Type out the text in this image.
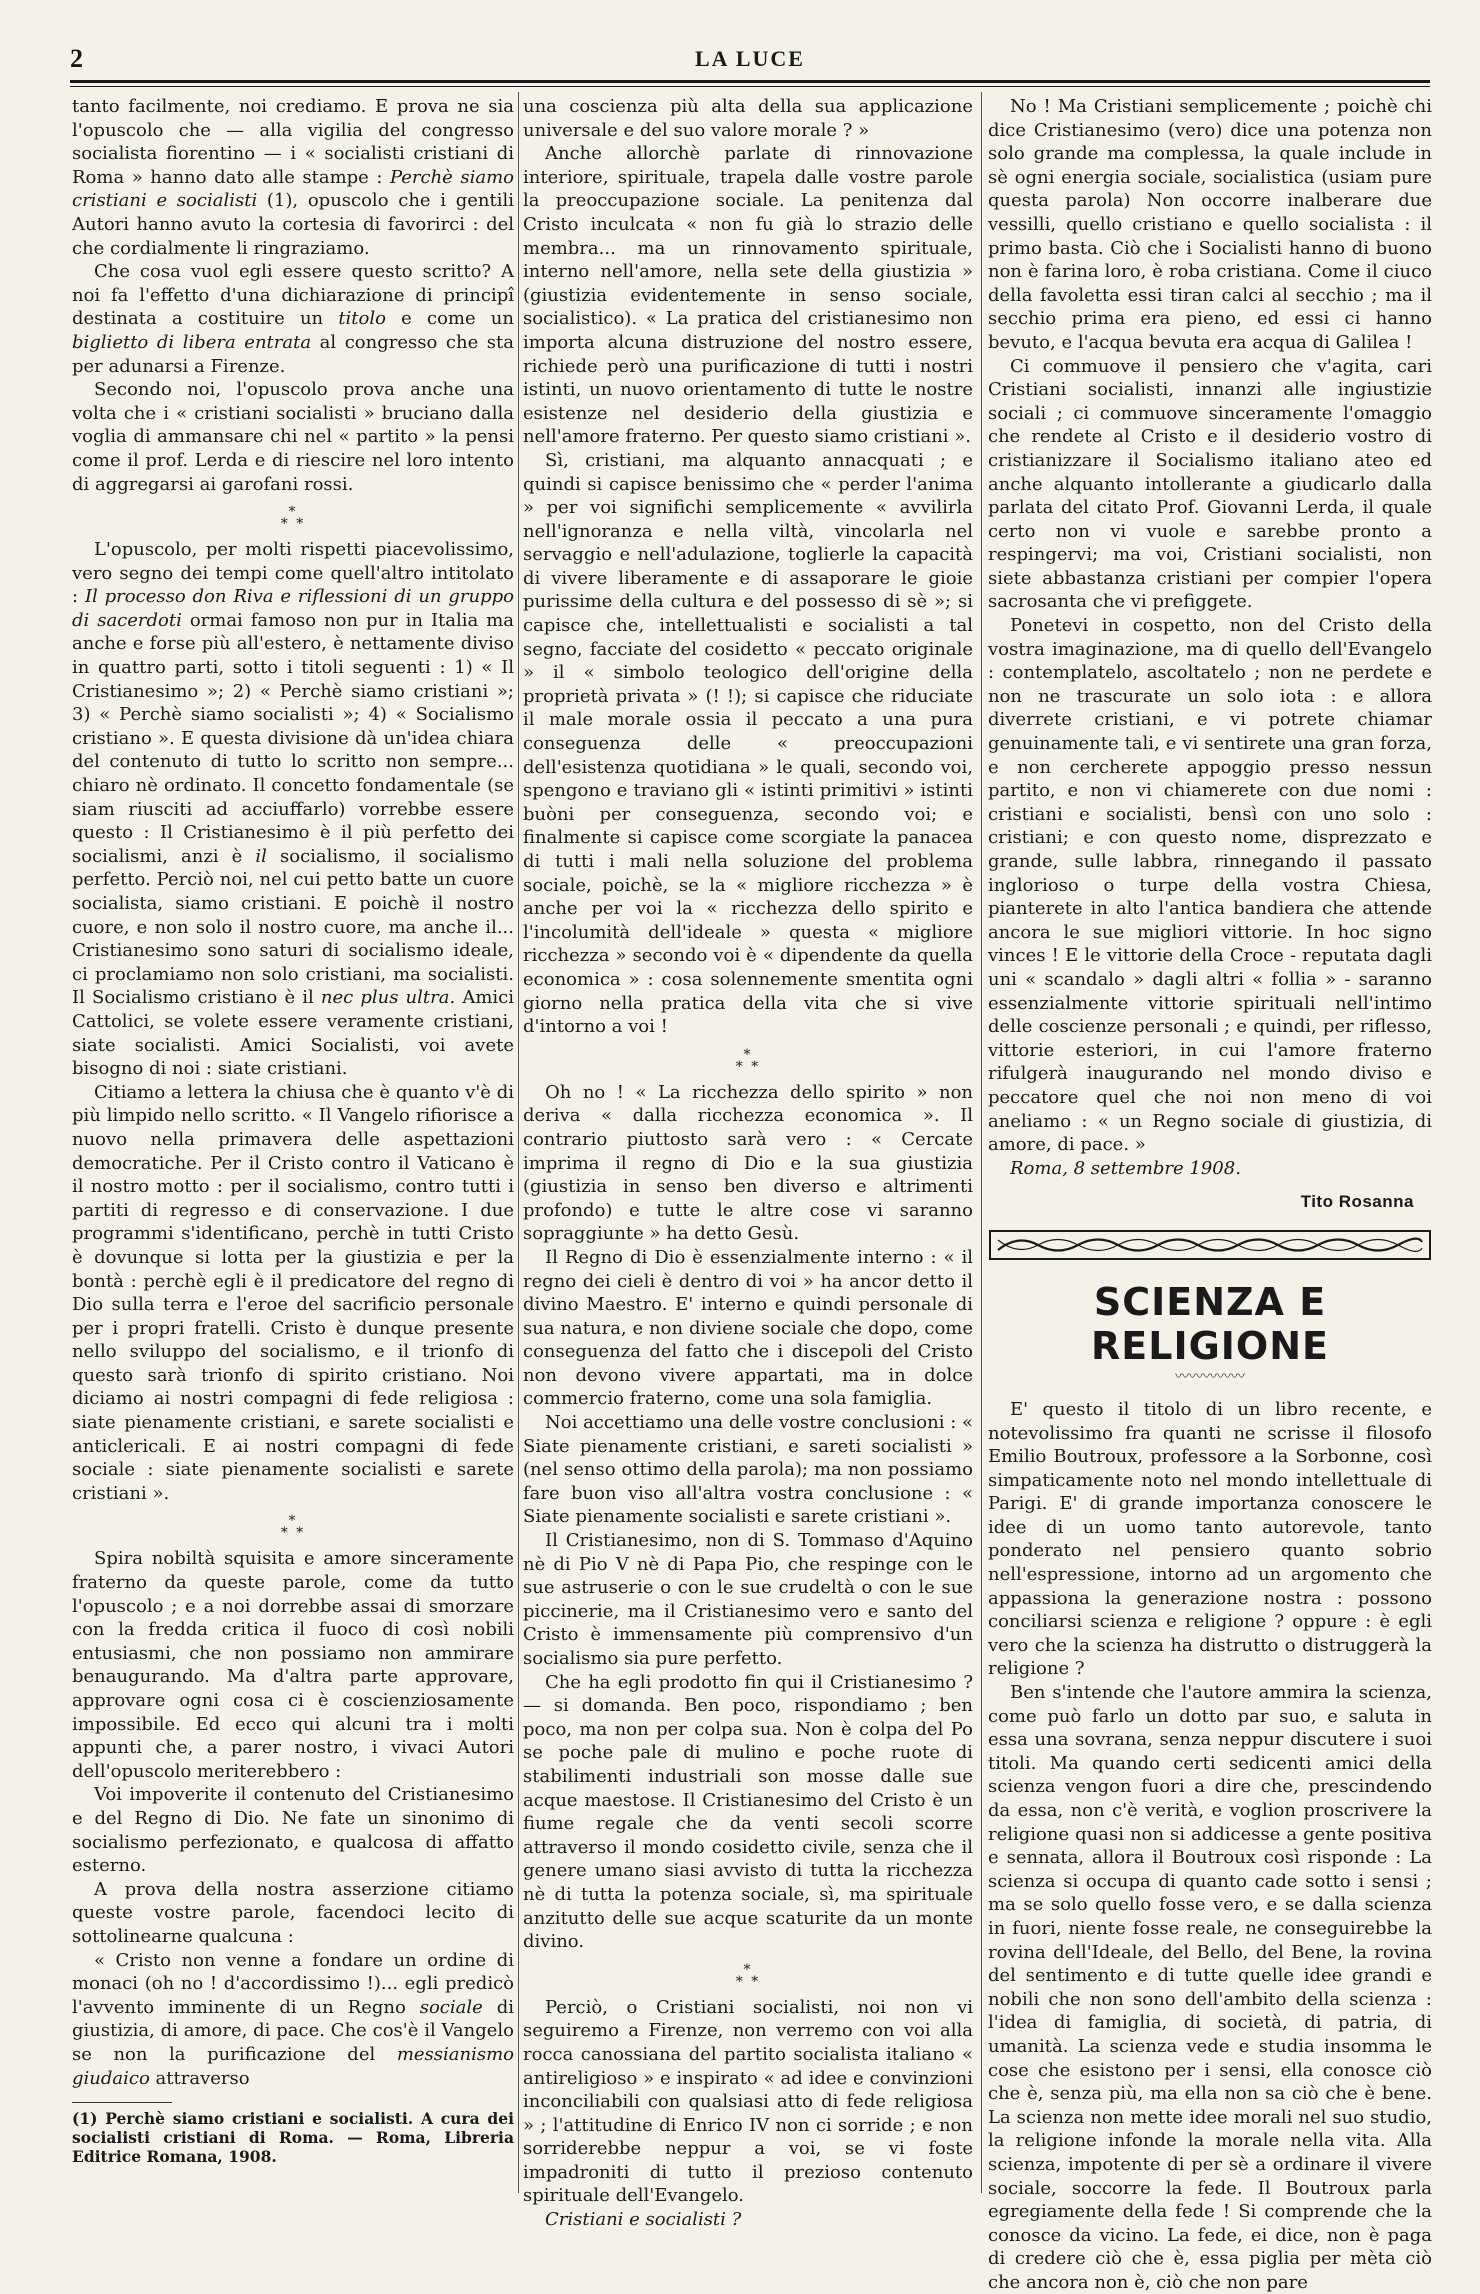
2	LA LUCE

tanto facilmente, noi crediamo. E prova ne sia l'opuscolo che — alla vigilia del congresso socialista fiorentino — i « socialisti cristiani di Roma » hanno dato alle stampe : Perchè siamo cristiani e socialisti (1), opuscolo che i gentili Autori hanno avuto la cortesia di favorirci : del che cordialmente li ringraziamo.

Che cosa vuol egli essere questo scritto? A noi fa l'effetto d'una dichiarazione di principî destinata a costituire un titolo e come un biglietto di libera entrata al congresso che sta per adunarsi a Firenze.

Secondo noi, l'opuscolo prova anche una volta che i « cristiani socialisti » bruciano dalla voglia di ammansare chi nel « partito » la pensi come il prof. Lerda e di riescire nel loro intento di aggregarsi ai garofani rossi.

*
* *

L'opuscolo, per molti rispetti piacevolissimo, vero segno dei tempi come quell'altro intitolato : Il processo don Riva e riflessioni di un gruppo di sacerdoti ormai famoso non pur in Italia ma anche e forse più all'estero, è nettamente diviso in quattro parti, sotto i titoli seguenti : 1) « Il Cristianesimo »; 2) « Perchè siamo cristiani »; 3) « Perchè siamo socialisti »; 4) « Socialismo cristiano ». E questa divisione dà un'idea chiara del contenuto di tutto lo scritto non sempre... chiaro nè ordinato. Il concetto fondamentale (se siam riusciti ad acciuffarlo) vorrebbe essere questo : Il Cristianesimo è il più perfetto dei socialismi, anzi è il socialismo, il socialismo perfetto. Perciò noi, nel cui petto batte un cuore socialista, siamo cristiani. E poichè il nostro cuore, e non solo il nostro cuore, ma anche il... Cristianesimo sono saturi di socialismo ideale, ci proclamiamo non solo cristiani, ma socialisti. Il Socialismo cristiano è il nec plus ultra. Amici Cattolici, se volete essere veramente cristiani, siate socialisti. Amici Socialisti, voi avete bisogno di noi : siate cristiani.

Citiamo a lettera la chiusa che è quanto v'è di più limpido nello scritto. « Il Vangelo rifiorisce a nuovo nella primavera delle aspettazioni democratiche. Per il Cristo contro il Vaticano è il nostro motto : per il socialismo, contro tutti i partiti di regresso e di conservazione. I due programmi s'identificano, perchè in tutti Cristo è dovunque si lotta per la giustizia e per la bontà : perchè egli è il predicatore del regno di Dio sulla terra e l'eroe del sacrificio personale per i propri fratelli. Cristo è dunque presente nello sviluppo del socialismo, e il trionfo di questo sarà trionfo di spirito cristiano. Noi diciamo ai nostri compagni di fede religiosa : siate pienamente cristiani, e sarete socialisti e anticlericali. E ai nostri compagni di fede sociale : siate pienamente socialisti e sarete cristiani ».

*
* *

Spira nobiltà squisita e amore sinceramente fraterno da queste parole, come da tutto l'opuscolo ; e a noi dorrebbe assai di smorzare con la fredda critica il fuoco di così nobili entusiasmi, che non possiamo non ammirare benaugurando. Ma d'altra parte approvare, approvare ogni cosa ci è coscienziosamente impossibile. Ed ecco qui alcuni tra i molti appunti che, a parer nostro, i vivaci Autori dell'opuscolo meriterebbero :

Voi impoverite il contenuto del Cristianesimo e del Regno di Dio. Ne fate un sinonimo di socialismo perfezionato, e qualcosa di affatto esterno.

A prova della nostra asserzione citiamo queste vostre parole, facendoci lecito di sottolinearne qualcuna :

« Cristo non venne a fondare un ordine di monaci (oh no ! d'accordissimo !)... egli predicò l'avvento imminente di un Regno sociale di giustizia, di amore, di pace. Che cos'è il Vangelo se non la purificazione del messianismo giudaico attraverso

(1) Perchè siamo cristiani e socialisti. A cura dei socialisti cristiani di Roma. — Roma, Libreria Editrice Romana, 1908.

una coscienza più alta della sua applicazione universale e del suo valore morale ? »

Anche allorchè parlate di rinnovazione interiore, spirituale, trapela dalle vostre parole la preoccupazione sociale. La penitenza dal Cristo inculcata « non fu già lo strazio delle membra... ma un rinnovamento spirituale, interno nell'amore, nella sete della giustizia » (giustizia evidentemente in senso sociale, socialistico). « La pratica del cristianesimo non importa alcuna distruzione del nostro essere, richiede però una purificazione di tutti i nostri istinti, un nuovo orientamento di tutte le nostre esistenze nel desiderio della giustizia e nell'amore fraterno. Per questo siamo cristiani ».

Sì, cristiani, ma alquanto annacquati ; e quindi si capisce benissimo che « perder l'anima » per voi significhi semplicemente « avvilirla nell'ignoranza e nella viltà, vincolarla nel servaggio e nell'adulazione, toglierle la capacità di vivere liberamente e di assaporare le gioie purissime della cultura e del possesso di sè »; si capisce che, intellettualisti e socialisti a tal segno, facciate del cosidetto « peccato originale » il « simbolo teologico dell'origine della proprietà privata » (! !); si capisce che riduciate il male morale ossia il peccato a una pura conseguenza delle « preoccupazioni dell'esistenza quotidiana » le quali, secondo voi, spengono e traviano gli « istinti primitivi » istinti buòni per conseguenza, secondo voi; e finalmente si capisce come scorgiate la panacea di tutti i mali nella soluzione del problema sociale, poichè, se la « migliore ricchezza » è anche per voi la « ricchezza dello spirito e l'incolumità dell'ideale » questa « migliore ricchezza » secondo voi è « dipendente da quella economica » : cosa solennemente smentita ogni giorno nella pratica della vita che si vive d'intorno a voi !

*
* *

Oh no ! « La ricchezza dello spirito » non deriva « dalla ricchezza economica ». Il contrario piuttosto sarà vero : « Cercate imprima il regno di Dio e la sua giustizia (giustizia in senso ben diverso e altrimenti profondo) e tutte le altre cose vi saranno sopraggiunte » ha detto Gesù.

Il Regno di Dio è essenzialmente interno : « il regno dei cieli è dentro di voi » ha ancor detto il divino Maestro. E' interno e quindi personale di sua natura, e non diviene sociale che dopo, come conseguenza del fatto che i discepoli del Cristo non devono vivere appartati, ma in dolce commercio fraterno, come una sola famiglia.

Noi accettiamo una delle vostre conclusioni : « Siate pienamente cristiani, e sareti socialisti » (nel senso ottimo della parola); ma non possiamo fare buon viso all'altra vostra conclusione : « Siate pienamente socialisti e sarete cristiani ».

Il Cristianesimo, non di S. Tommaso d'Aquino nè di Pio V nè di Papa Pio, che respinge con le sue astruserie o con le sue crudeltà o con le sue piccinerie, ma il Cristianesimo vero e santo del Cristo è immensamente più comprensivo d'un socialismo sia pure perfetto.

Che ha egli prodotto fin qui il Cristianesimo ? — si domanda. Ben poco, rispondiamo ; ben poco, ma non per colpa sua. Non è colpa del Po se poche pale di mulino e poche ruote di stabilimenti industriali son mosse dalle sue acque maestose. Il Cristianesimo del Cristo è un fiume regale che da venti secoli scorre attraverso il mondo cosidetto civile, senza che il genere umano siasi avvisto di tutta la ricchezza nè di tutta la potenza sociale, sì, ma spirituale anzitutto delle sue acque scaturite da un monte divino.

*
* *

Perciò, o Cristiani socialisti, noi non vi seguiremo a Firenze, non verremo con voi alla rocca canossiana del partito socialista italiano « antireligioso » e inspirato « ad idee e convinzioni inconciliabili con qualsiasi atto di fede religiosa » ; l'attitudine di Enrico IV non ci sorride ; e non sorriderebbe neppur a voi, se vi foste impadroniti di tutto il prezioso contenuto spirituale dell'Evangelo.

Cristiani e socialisti ?

No ! Ma Cristiani semplicemente ; poichè chi dice Cristianesimo (vero) dice una potenza non solo grande ma complessa, la quale include in sè ogni energia sociale, socialistica (usiam pure questa parola) Non occorre inalberare due vessilli, quello cristiano e quello socialista : il primo basta. Ciò che i Socialisti hanno di buono non è farina loro, è roba cristiana. Come il ciuco della favoletta essi tiran calci al secchio ; ma il secchio prima era pieno, ed essi ci hanno bevuto, e l'acqua bevuta era acqua di Galilea !

Ci commuove il pensiero che v'agita, cari Cristiani socialisti, innanzi alle ingiustizie sociali ; ci commuove sinceramente l'omaggio che rendete al Cristo e il desiderio vostro di cristianizzare il Socialismo italiano ateo ed anche alquanto intollerante a giudicarlo dalla parlata del citato Prof. Giovanni Lerda, il quale certo non vi vuole e sarebbe pronto a respingervi; ma voi, Cristiani socialisti, non siete abbastanza cristiani per compier l'opera sacrosanta che vi prefiggete.

Ponetevi in cospetto, non del Cristo della vostra imaginazione, ma di quello dell'Evangelo : contemplatelo, ascoltatelo ; non ne perdete e non ne trascurate un solo iota : e allora diverrete cristiani, e vi potrete chiamar genuinamente tali, e vi sentirete una gran forza, e non cercherete appoggio presso nessun partito, e non vi chiamerete con due nomi : cristiani e socialisti, bensì con uno solo : cristiani; e con questo nome, disprezzato e grande, sulle labbra, rinnegando il passato inglorioso o turpe della vostra Chiesa, pianterete in alto l'antica bandiera che attende ancora le sue migliori vittorie. In hoc signo vinces ! E le vittorie della Croce - reputata dagli uni « scandalo » dagli altri « follia » - saranno essenzialmente vittorie spirituali nell'intimo delle coscienze personali ; e quindi, per riflesso, vittorie esteriori, in cui l'amore fraterno rifulgerà inaugurando nel mondo diviso e peccatore quel che noi non meno di voi aneliamo : « un Regno sociale di giustizia, di amore, di pace. »

Roma, 8 settembre 1908.

Tito Rosanna
SCIENZA E RELIGIONE
〰〰〰〰〰

E' questo il titolo di un libro recente, e notevolissimo fra quanti ne scrisse il filosofo Emilio Boutroux, professore a la Sorbonne, così simpaticamente noto nel mondo intellettuale di Parigi. E' di grande importanza conoscere le idee di un uomo tanto autorevole, tanto ponderato nel pensiero quanto sobrio nell'espressione, intorno ad un argomento che appassiona la generazione nostra : possono conciliarsi scienza e religione ? oppure : è egli vero che la scienza ha distrutto o distruggerà la religione ?

Ben s'intende che l'autore ammira la scienza, come può farlo un dotto par suo, e saluta in essa una sovrana, senza neppur discutere i suoi titoli. Ma quando certi sedicenti amici della scienza vengon fuori a dire che, prescindendo da essa, non c'è verità, e voglion proscrivere la religione quasi non si addicesse a gente positiva e sennata, allora il Boutroux così risponde : La scienza si occupa di quanto cade sotto i sensi ; ma se solo quello fosse vero, e se dalla scienza in fuori, niente fosse reale, ne conseguirebbe la rovina dell'Ideale, del Bello, del Bene, la rovina del sentimento e di tutte quelle idee grandi e nobili che non sono dell'ambito della scienza : l'idea di famiglia, di società, di patria, di umanità. La scienza vede e studia insomma le cose che esistono per i sensi, ella conosce ciò che è, senza più, ma ella non sa ciò che è bene. La scienza non mette idee morali nel suo studio, la religione infonde la morale nella vita. Alla scienza, impotente di per sè a ordinare il vivere sociale, soccorre la fede. Il Boutroux parla egregiamente della fede ! Si comprende che la conosce da vicino. La fede, ei dice, non è paga di credere ciò che è, essa piglia per mèta ciò che ancora non è, ciò che non pare
